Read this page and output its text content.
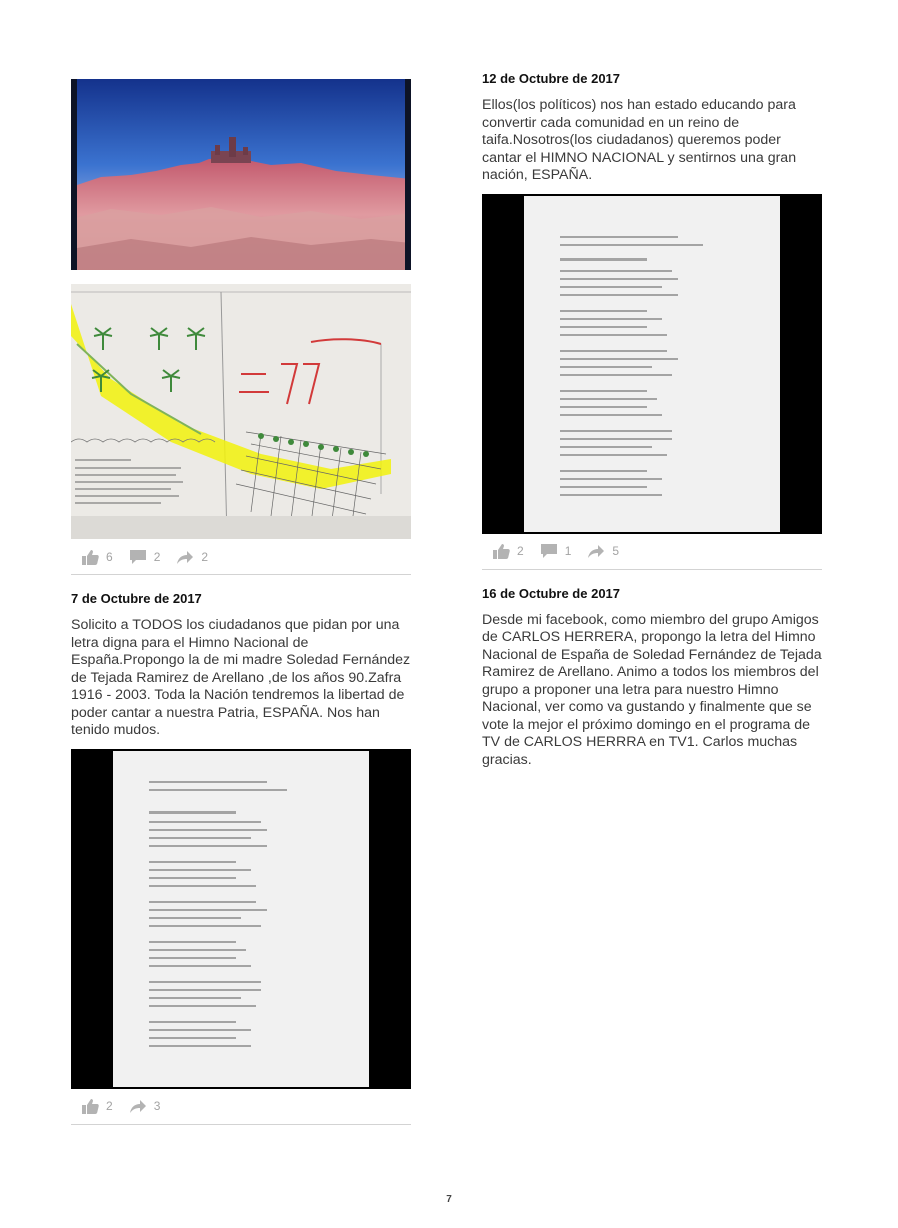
6	2	2
7 de Octubre de 2017

Solicito a TODOS los ciudadanos que pidan por una letra digna para el Himno Nacional de España.Propongo la de mi madre Soledad Fernández de Tejada Ramirez de Arellano ,de los años 90.Zafra 1916 - 2003. Toda la Nación tendremos la libertad de poder cantar a nuestra Patria, ESPAÑA. Nos han tenido mudos.

2	3
12 de Octubre de 2017

Ellos(los políticos) nos han estado educando para convertir cada comunidad en un reino de taifa.Nosotros(los ciudadanos) queremos poder cantar el HIMNO NACIONAL y sentirnos una gran nación, ESPAÑA.

2	1	5
16 de Octubre de 2017

Desde mi facebook, como miembro del grupo Amigos de CARLOS HERRERA, propongo la letra del Himno Nacional de España de Soledad Fernández de Tejada Ramirez de Arellano. Animo a todos los miembros del grupo a proponer una letra para nuestro Himno Nacional, ver como va gustando y finalmente que se vote la mejor el próximo domingo en el programa de TV de CARLOS HERRRA en TV1. Carlos muchas gracias.

7
